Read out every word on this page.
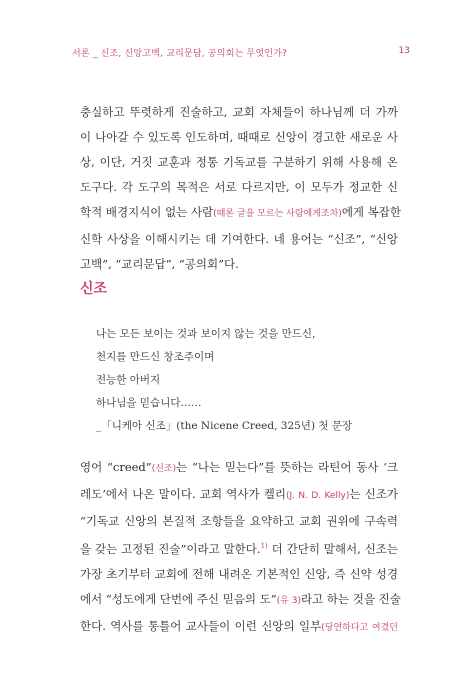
서론 _ 신조, 신앙고백, 교리문답, 공의회는 무엇인가?	13

충실하고 뚜렷하게 진술하고, 교회 자체들이 하나님께 더 가까
이 나아갈 수 있도록 인도하며, 때때로 신앙이 경고한 새로운 사
상, 이단, 거짓 교훈과 정통 기독교를 구분하기 위해 사용해 온
도구다. 각 도구의 목적은 서로 다르지만, 이 모두가 정교한 신
학적 배경지식이 없는 사람(때론 글을 모르는 사람에게조차)에게 복잡한
신학 사상을 이해시키는 데 기여한다. 네 용어는 “신조”, “신앙
고백”, “교리문답”, “공의회”다.

신조
나는 모든 보이는 것과 보이지 않는 것을 만드신,
천지를 만드신 창조주이며
전능한 아버지
하나님을 믿습니다……
_「니케아 신조」(the Nicene Creed, 325년) 첫 문장

영어 “creed”(신조)는 “나는 믿는다”를 뜻하는 라틴어 동사 ‘크
레도’에서 나온 말이다. 교회 역사가 켈리(J. N. D. Kelly)는 신조가
“기독교 신앙의 본질적 조항들을 요약하고 교회 권위에 구속력
을 갖는 고정된 진술”이라고 말한다.$^{1)}$ 더 간단히 말해서, 신조는
가장 초기부터 교회에 전해 내려온 기본적인 신앙, 즉 신약 성경
에서 “성도에게 단번에 주신 믿음의 도”(유 3)라고 하는 것을 진술
한다. 역사를 통틀어 교사들이 이런 신앙의 일부(당연하다고 여겼던
